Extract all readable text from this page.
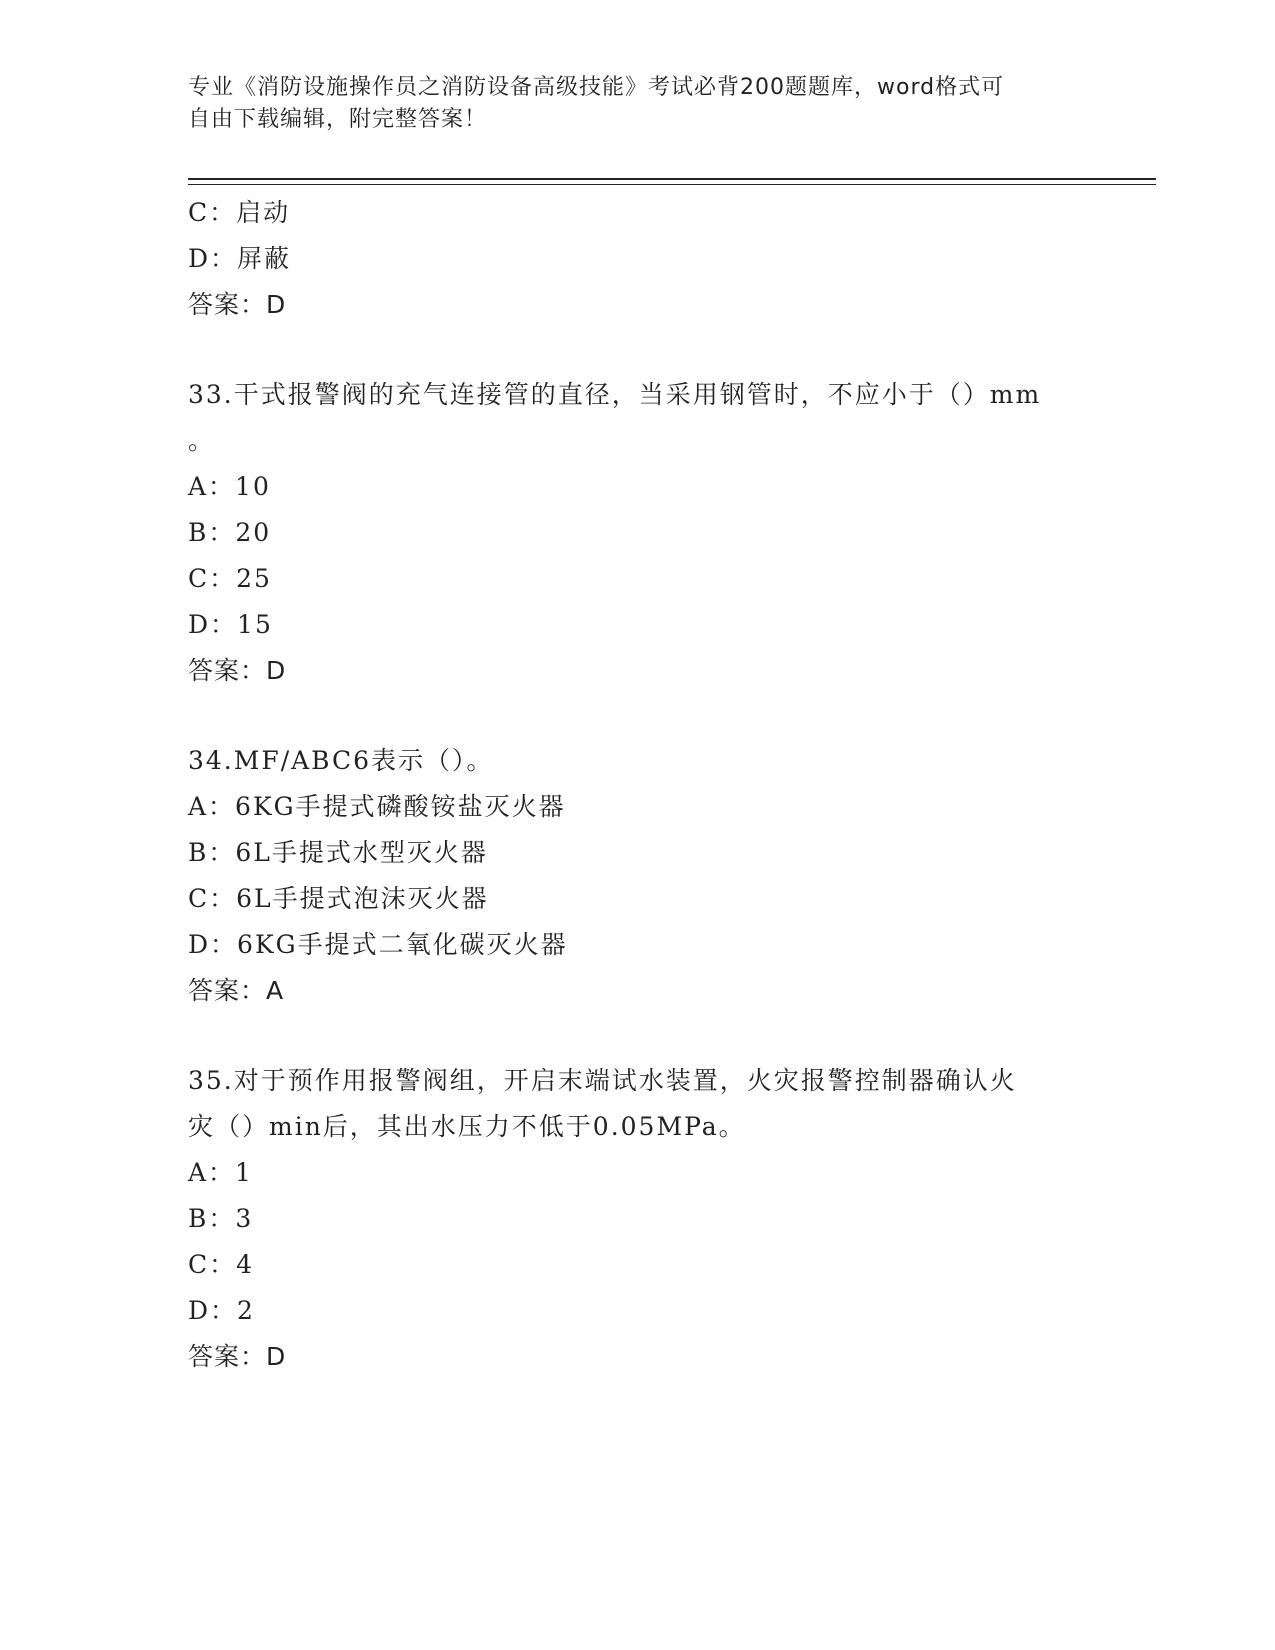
专业《消防设施操作员之消防设备高级技能》考试必背200题题库，word格式可
自由下载编辑，附完整答案！
C：启动
D：屏蔽
答案：D
33.干式报警阀的充气连接管的直径，当采用钢管时，不应小于（）mm
。
A：10
B：20
C：25
D：15
答案：D
34.MF/ABC6表示（）。
A：6KG手提式磷酸铵盐灭火器
B：6L手提式水型灭火器
C：6L手提式泡沫灭火器
D：6KG手提式二氧化碳灭火器
答案：A
35.对于预作用报警阀组，开启末端试水装置，火灾报警控制器确认火
灾（）min后，其出水压力不低于0.05MPa。
A：1
B：3
C：4
D：2
答案：D
